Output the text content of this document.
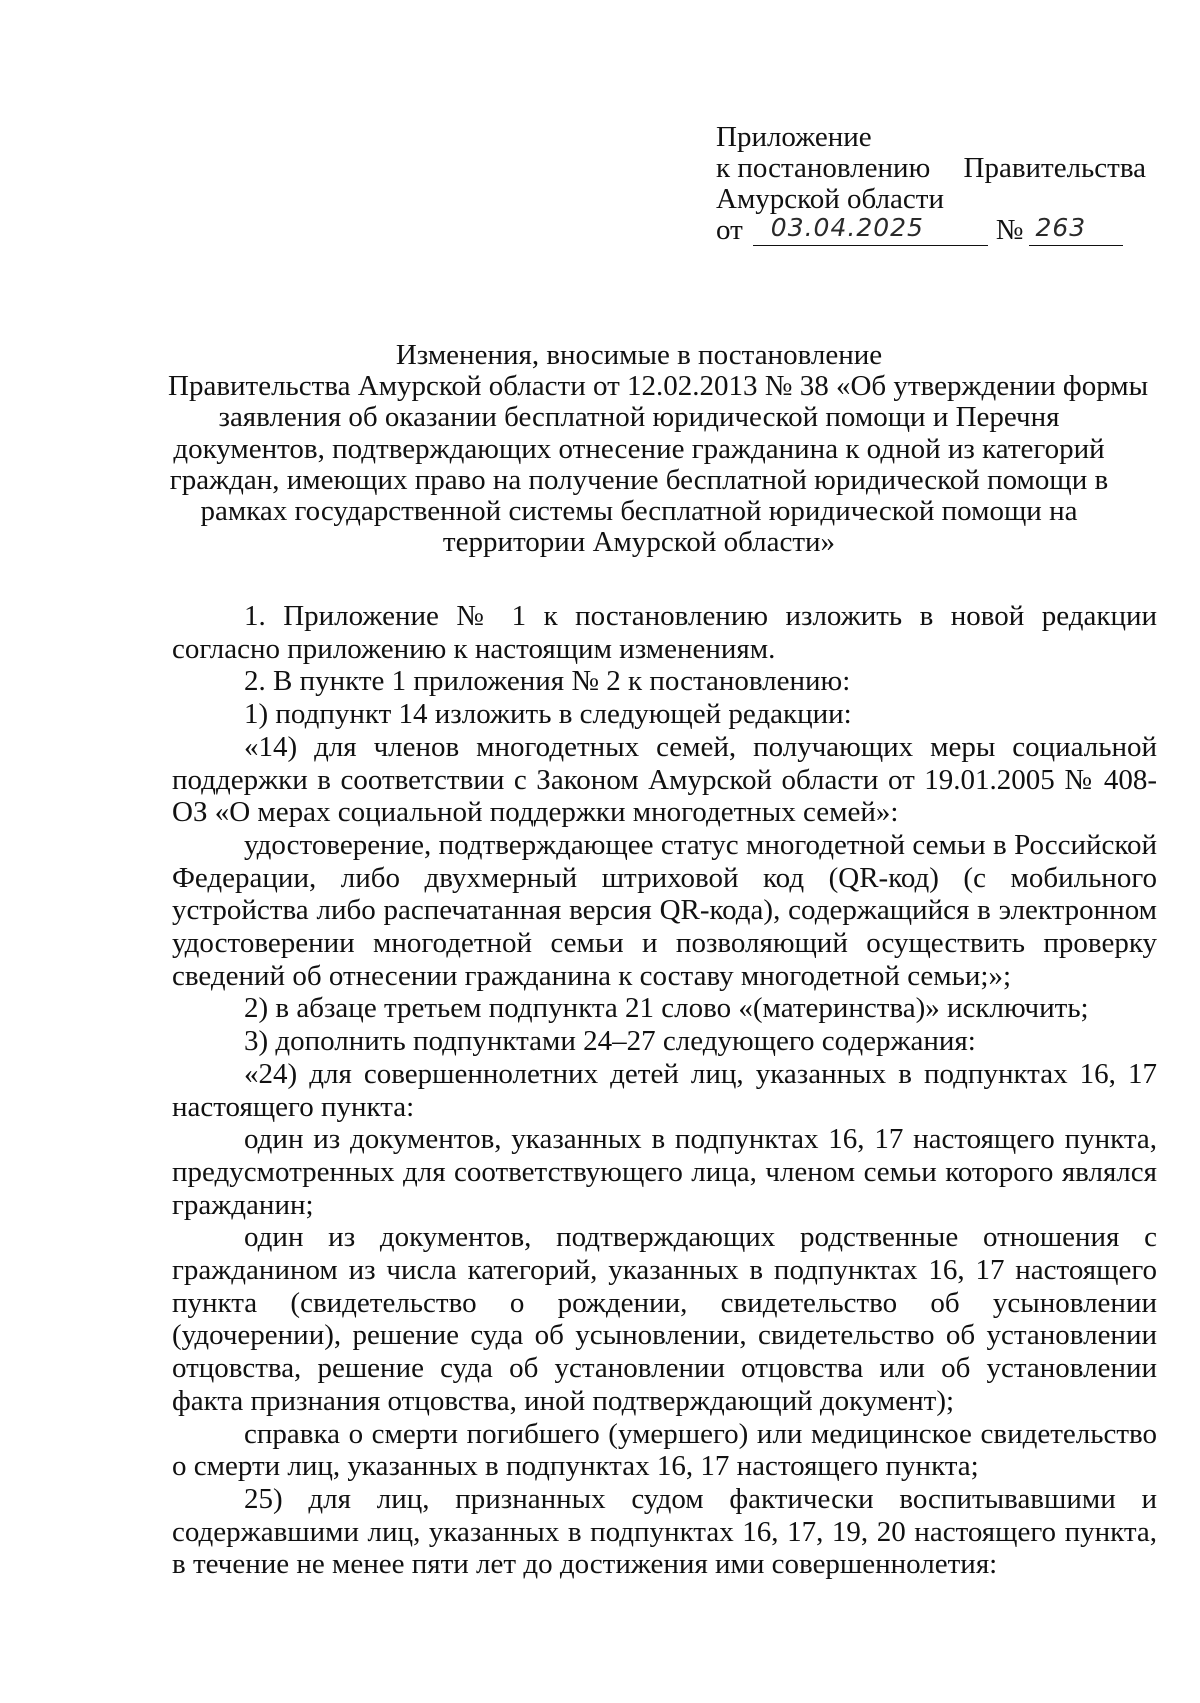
Приложение
к постановлению Правительства
Амурской области
от 03.04.2025 № 263
Изменения, вносимые в постановление
Правительства Амурской области от 12.02.2013 № 38 «Об утверждении формы
заявления об оказании бесплатной юридической помощи и Перечня
документов, подтверждающих отнесение гражданина к одной из категорий
граждан, имеющих право на получение бесплатной юридической помощи в
рамках государственной системы бесплатной юридической помощи на
территории Амурской области»

1. Приложение № 1 к постановлению изложить в новой редакции согласно приложению к настоящим изменениям.

2. В пункте 1 приложения № 2 к постановлению:

1) подпункт 14 изложить в следующей редакции:

«14) для членов многодетных семей, получающих меры социальной поддержки в соответствии с Законом Амурской области от 19.01.2005 № 408-ОЗ «О мерах социальной поддержки многодетных семей»:

удостоверение, подтверждающее статус многодетной семьи в Российской Федерации, либо двухмерный штриховой код (QR-код) (с мобильного устройства либо распечатанная версия QR-кода), содержащийся в электронном удостоверении многодетной семьи и позволяющий осуществить проверку сведений об отнесении гражданина к составу многодетной семьи;»;

2) в абзаце третьем подпункта 21 слово «(материнства)» исключить;

3) дополнить подпунктами 24–27 следующего содержания:

«24) для совершеннолетних детей лиц, указанных в подпунктах 16, 17 настоящего пункта:

один из документов, указанных в подпунктах 16, 17 настоящего пункта, предусмотренных для соответствующего лица, членом семьи которого являлся гражданин;

один из документов, подтверждающих родственные отношения с гражданином из числа категорий, указанных в подпунктах 16, 17 настоящего пункта (свидетельство о рождении, свидетельство об усыновлении (удочерении), решение суда об усыновлении, свидетельство об установлении отцовства, решение суда об установлении отцовства или об установлении факта признания отцовства, иной подтверждающий документ);

справка о смерти погибшего (умершего) или медицинское свидетельство о смерти лиц, указанных в подпунктах 16, 17 настоящего пункта;

25) для лиц, признанных судом фактически воспитывавшими и содержавшими лиц, указанных в подпунктах 16, 17, 19, 20 настоящего пункта, в течение не менее пяти лет до достижения ими совершеннолетия:
